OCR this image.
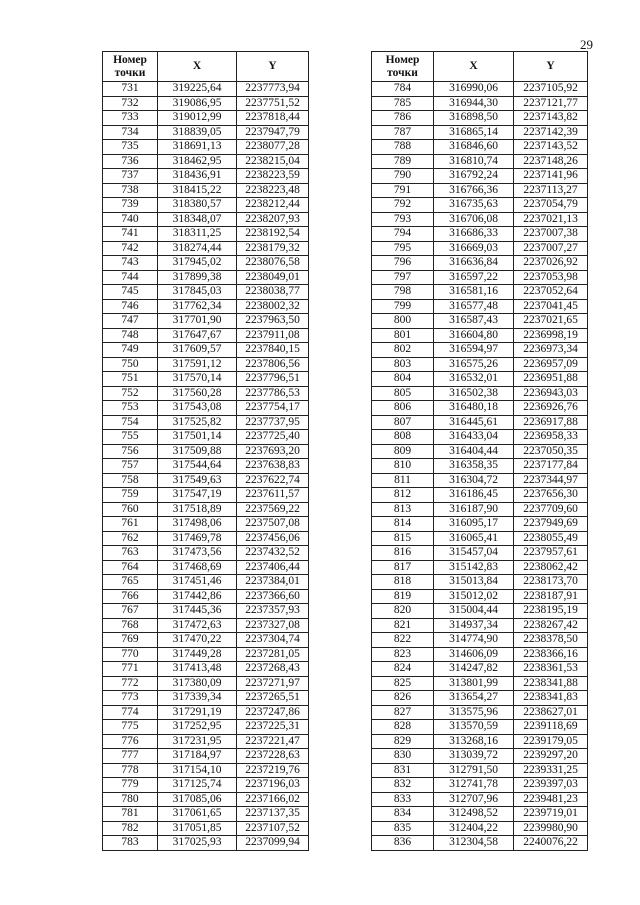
29
Номер
точки	X	Y
731	319225,64	2237773,94
732	319086,95	2237751,52
733	319012,99	2237818,44
734	318839,05	2237947,79
735	318691,13	2238077,28
736	318462,95	2238215,04
737	318436,91	2238223,59
738	318415,22	2238223,48
739	318380,57	2238212,44
740	318348,07	2238207,93
741	318311,25	2238192,54
742	318274,44	2238179,32
743	317945,02	2238076,58
744	317899,38	2238049,01
745	317845,03	2238038,77
746	317762,34	2238002,32
747	317701,90	2237963,50
748	317647,67	2237911,08
749	317609,57	2237840,15
750	317591,12	2237806,56
751	317570,14	2237796,51
752	317560,28	2237786,53
753	317543,08	2237754,17
754	317525,82	2237737,95
755	317501,14	2237725,40
756	317509,88	2237693,20
757	317544,64	2237638,83
758	317549,63	2237622,74
759	317547,19	2237611,57
760	317518,89	2237569,22
761	317498,06	2237507,08
762	317469,78	2237456,06
763	317473,56	2237432,52
764	317468,69	2237406,44
765	317451,46	2237384,01
766	317442,86	2237366,60
767	317445,36	2237357,93
768	317472,63	2237327,08
769	317470,22	2237304,74
770	317449,28	2237281,05
771	317413,48	2237268,43
772	317380,09	2237271,97
773	317339,34	2237265,51
774	317291,19	2237247,86
775	317252,95	2237225,31
776	317231,95	2237221,47
777	317184,97	2237228,63
778	317154,10	2237219,76
779	317125,74	2237196,03
780	317085,06	2237166,02
781	317061,65	2237137,35
782	317051,85	2237107,52
783	317025,93	2237099,94
Номер
точки	X	Y
784	316990,06	2237105,92
785	316944,30	2237121,77
786	316898,50	2237143,82
787	316865,14	2237142,39
788	316846,60	2237143,52
789	316810,74	2237148,26
790	316792,24	2237141,96
791	316766,36	2237113,27
792	316735,63	2237054,79
793	316706,08	2237021,13
794	316686,33	2237007,38
795	316669,03	2237007,27
796	316636,84	2237026,92
797	316597,22	2237053,98
798	316581,16	2237052,64
799	316577,48	2237041,45
800	316587,43	2237021,65
801	316604,80	2236998,19
802	316594,97	2236973,34
803	316575,26	2236957,09
804	316532,01	2236951,88
805	316502,38	2236943,03
806	316480,18	2236926,76
807	316445,61	2236917,88
808	316433,04	2236958,33
809	316404,44	2237050,35
810	316358,35	2237177,84
811	316304,72	2237344,97
812	316186,45	2237656,30
813	316187,90	2237709,60
814	316095,17	2237949,69
815	316065,41	2238055,49
816	315457,04	2237957,61
817	315142,83	2238062,42
818	315013,84	2238173,70
819	315012,02	2238187,91
820	315004,44	2238195,19
821	314937,34	2238267,42
822	314774,90	2238378,50
823	314606,09	2238366,16
824	314247,82	2238361,53
825	313801,99	2238341,88
826	313654,27	2238341,83
827	313575,96	2238627,01
828	313570,59	2239118,69
829	313268,16	2239179,05
830	313039,72	2239297,20
831	312791,50	2239331,25
832	312741,78	2239397,03
833	312707,96	2239481,23
834	312498,52	2239719,01
835	312404,22	2239980,90
836	312304,58	2240076,22
